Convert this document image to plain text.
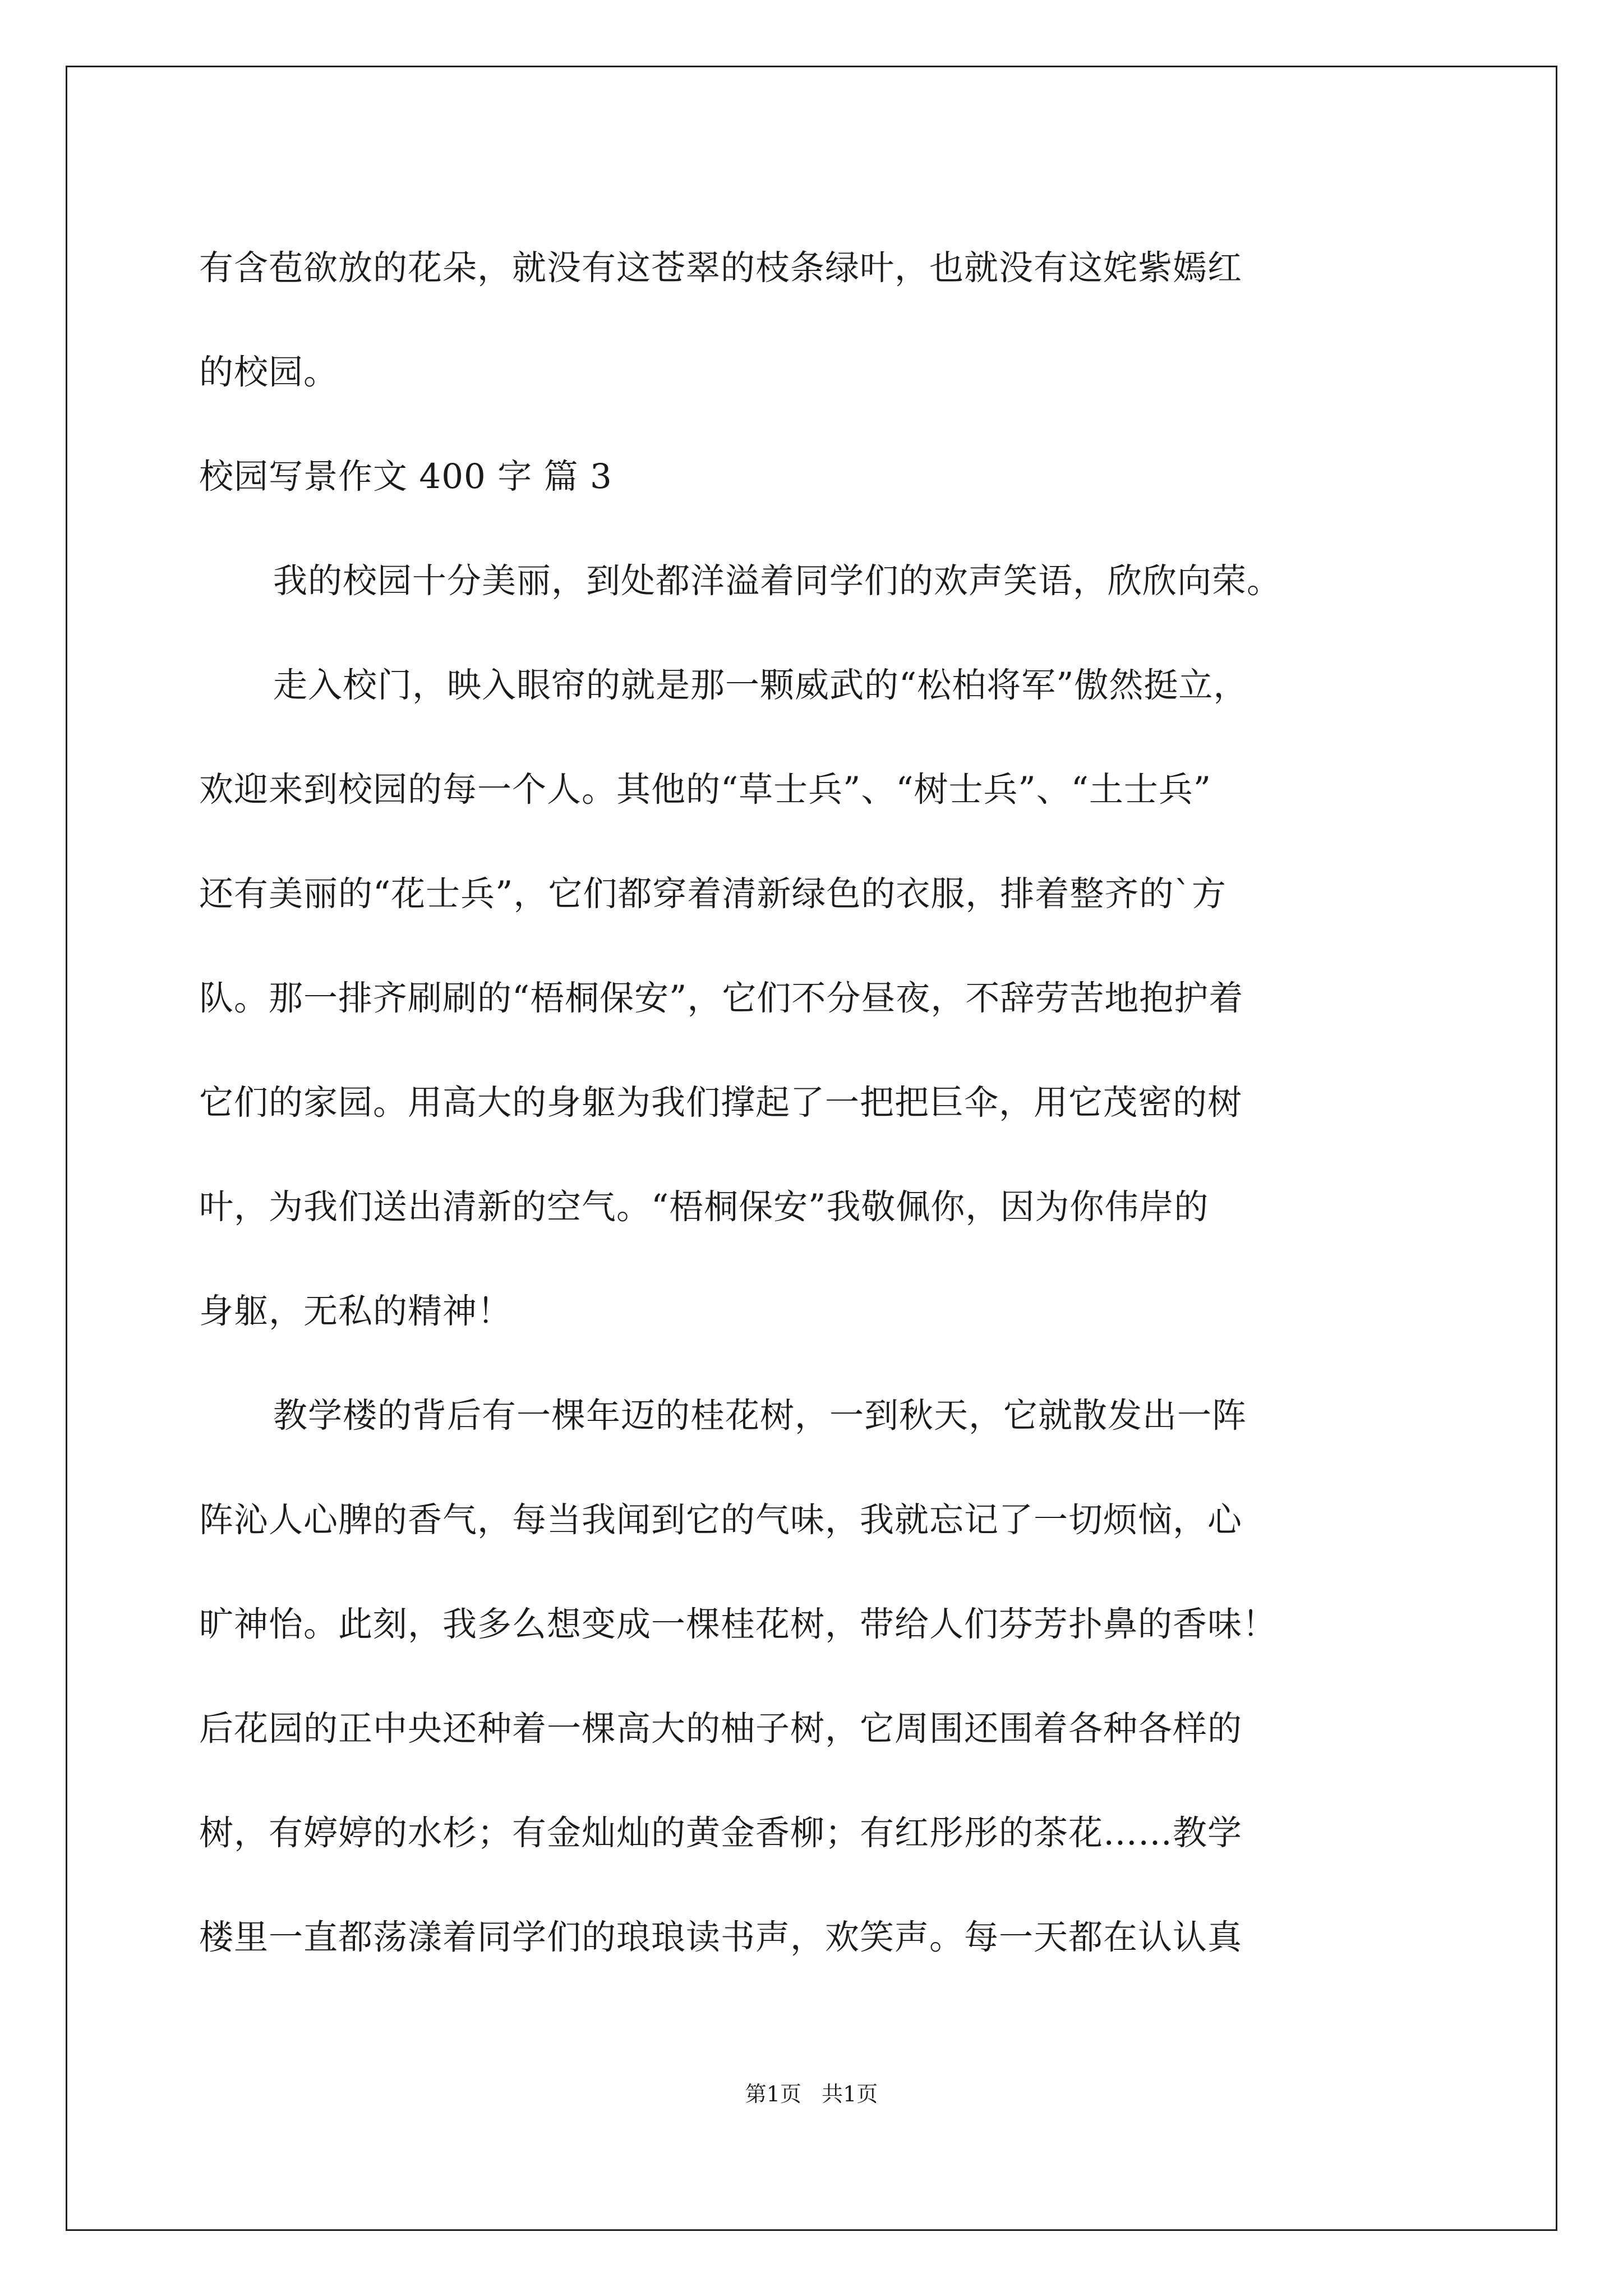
有含苞欲放的花朵，就没有这苍翠的枝条绿叶，也就没有这姹紫嫣红
的校园。
校园写景作文 400 字 篇 3
我的校园十分美丽，到处都洋溢着同学们的欢声笑语，欣欣向荣。
走入校门，映入眼帘的就是那一颗威武的“松柏将军”傲然挺立，
欢迎来到校园的每一个人。其他的“草士兵”、“树士兵”、“土士兵”
还有美丽的“花士兵”，它们都穿着清新绿色的衣服，排着整齐的`方
队。那一排齐刷刷的“梧桐保安”，它们不分昼夜，不辞劳苦地抱护着
它们的家园。用高大的身躯为我们撑起了一把把巨伞，用它茂密的树
叶，为我们送出清新的空气。“梧桐保安”我敬佩你，因为你伟岸的
身躯，无私的精神！
教学楼的背后有一棵年迈的桂花树，一到秋天，它就散发出一阵
阵沁人心脾的香气，每当我闻到它的气味，我就忘记了一切烦恼，心
旷神怡。此刻，我多么想变成一棵桂花树，带给人们芬芳扑鼻的香味！
后花园的正中央还种着一棵高大的柚子树，它周围还围着各种各样的
树，有婷婷的水杉；有金灿灿的黄金香柳；有红彤彤的茶花……教学
楼里一直都荡漾着同学们的琅琅读书声，欢笑声。每一天都在认认真
第1页   共1页
